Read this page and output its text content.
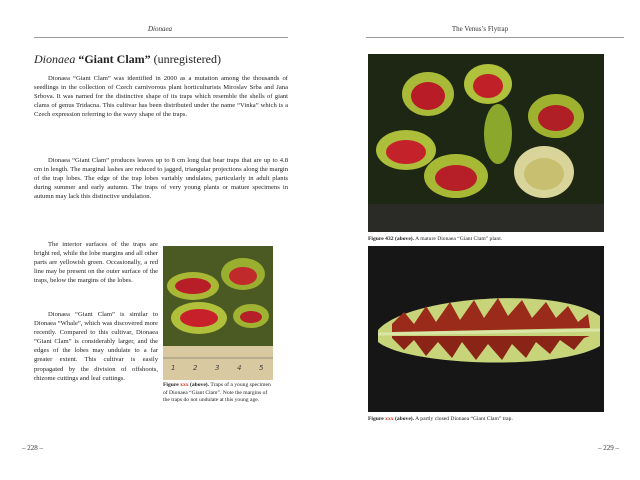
Dionaea
Dionaea “Giant Clam” (unregistered)
Dionaea “Giant Clam” was identified in 2000 as a mutation among the thousands of seedlings in the collection of Czech carnivorous plant horticulturists Miroslav Srba and Jana Srbova. It was named for the distinctive shape of its traps which resemble the shells of giant clams of genus Tridacna. This cultivar has been distributed under the name “Vinka” which is a Czech expression referring to the wavy shape of the traps.
Dionaea “Giant Clam” produces leaves up to 8 cm long that bear traps that are up to 4.8 cm in length. The marginal lashes are reduced to jagged, triangular projections along the margin of the trap lobes. The edge of the trap lobes variably undulates, particularly in adult plants during summer and early autumn. The traps of very young plants or mature specimens in autumn may lack this distinctive undulation.
The interior surfaces of the traps are bright red, while the lobe margins and all other parts are yellowish green. Occasionally, a red line may be present on the outer surface of the traps, below the margins of the lobes.
Dionaea “Giant Clam” is similar to Dionaea “Whale”, which was discovered more recently. Compared to this cultivar, Dionaea “Giant Clam” is considerably larger, and the edges of the lobes may undulate to a far greater extent. This cultivar is easily propagated by the division of offshoots, rhizome cuttings and leaf cuttings.
1	2	3	4	5
Figure xxx (above). Traps of a young specimen of Dionaea “Giant Clam”. Note the margins of the traps do not undulate at this young age.
– 228 –
The Venus’s Flytrap
Figure 432 (above). A mature Dionaea “Giant Clam” plant.
Figure xxx (above). A partly closed Dionaea “Giant Clam” trap.
– 229 –
